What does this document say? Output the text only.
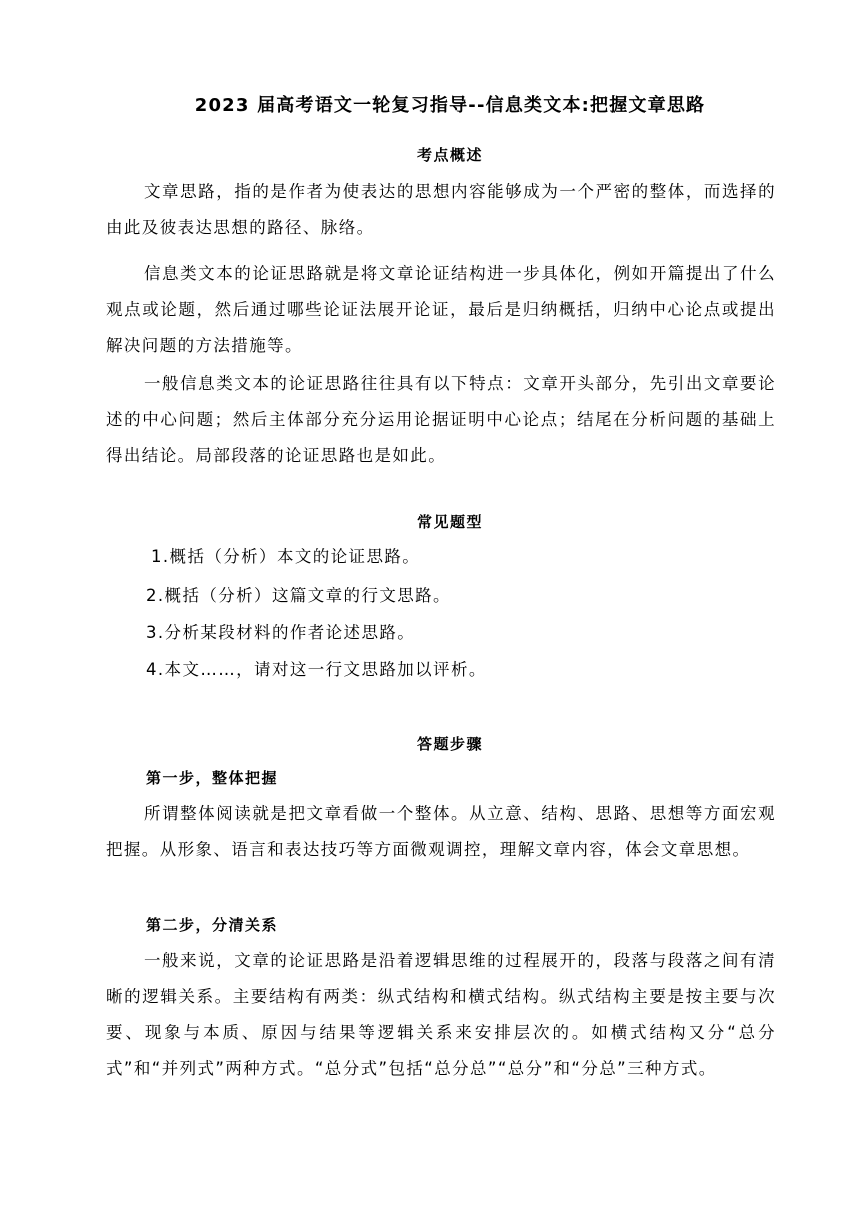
2023 届高考语文一轮复习指导--信息类文本:把握文章思路
考点概述

文章思路，指的是作者为使表达的思想内容能够成为一个严密的整体，而选择的由此及彼表达思想的路径、脉络。

信息类文本的论证思路就是将文章论证结构进一步具体化，例如开篇提出了什么观点或论题，然后通过哪些论证法展开论证，最后是归纳概括，归纳中心论点或提出解决问题的方法措施等。

一般信息类文本的论证思路往往具有以下特点：文章开头部分，先引出文章要论述的中心问题；然后主体部分充分运用论据证明中心论点；结尾在分析问题的基础上得出结论。局部段落的论证思路也是如此。

常见题型

1.概括（分析）本文的论证思路。

2.概括（分析）这篇文章的行文思路。

3.分析某段材料的作者论述思路。

4.本文……，请对这一行文思路加以评析。

答题步骤

第一步，整体把握

所谓整体阅读就是把文章看做一个整体。从立意、结构、思路、思想等方面宏观把握。从形象、语言和表达技巧等方面微观调控，理解文章内容，体会文章思想。

第二步，分清关系

一般来说，文章的论证思路是沿着逻辑思维的过程展开的，段落与段落之间有清晰的逻辑关系。主要结构有两类：纵式结构和横式结构。纵式结构主要是按主要与次要、现象与本质、原因与结果等逻辑关系来安排层次的。如横式结构又分“总分式”和“并列式”两种方式。“总分式”包括“总分总”“总分”和“分总”三种方式。
